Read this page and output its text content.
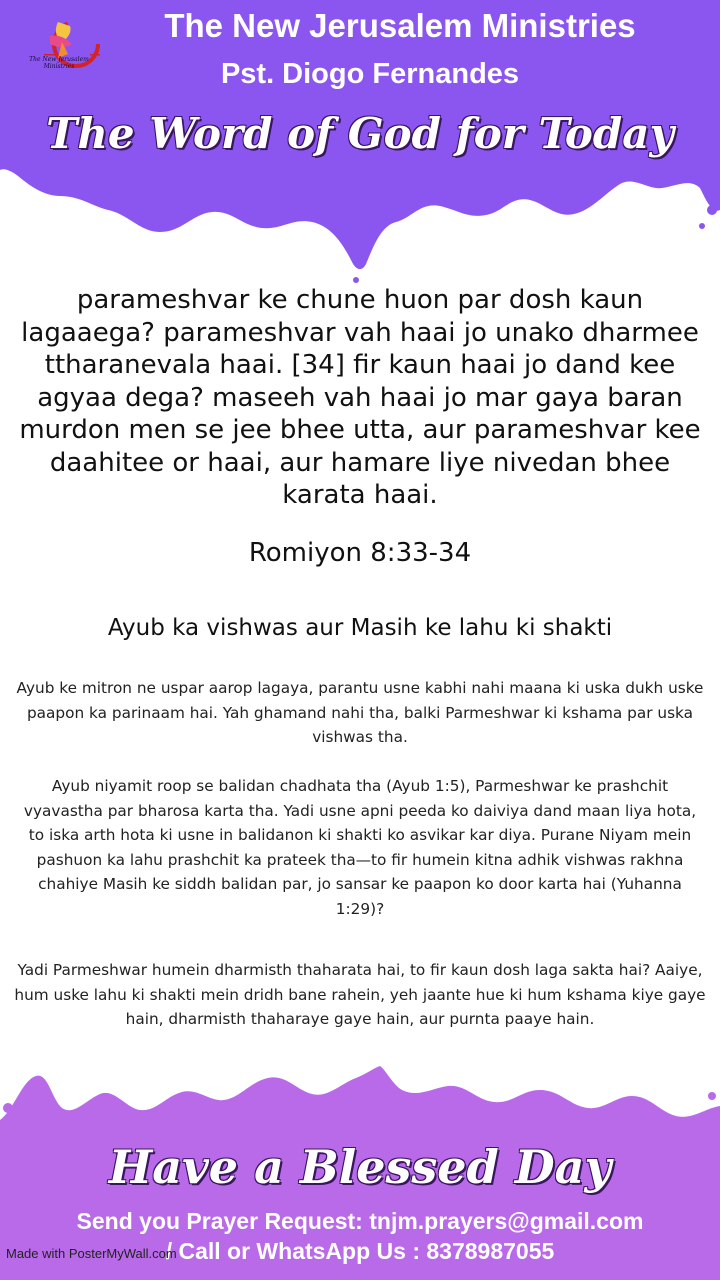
The New Jerusalem
Ministries
The New Jerusalem Ministries
Pst. Diogo Fernandes
The Word of God for Today
parameshvar ke chune huon par dosh kaun lagaaega? parameshvar vah haai jo unako dharmee ttharanevala haai. [34] fir kaun haai jo dand kee agyaa dega? maseeh vah haai jo mar gaya baran murdon men se jee bhee utta, aur parameshvar kee daahitee or haai, aur hamare liye nivedan bhee karata haai.
Romiyon 8:33-34
Ayub ka vishwas aur Masih ke lahu ki shakti
Ayub ke mitron ne uspar aarop lagaya, parantu usne kabhi nahi maana ki uska dukh uske paapon ka parinaam hai. Yah ghamand nahi tha, balki Parmeshwar ki kshama par uska vishwas tha.
Ayub niyamit roop se balidan chadhata tha (Ayub 1:5), Parmeshwar ke prashchit vyavastha par bharosa karta tha. Yadi usne apni peeda ko daiviya dand maan liya hota, to iska arth hota ki usne in balidanon ki shakti ko asvikar kar diya. Purane Niyam mein pashuon ka lahu prashchit ka prateek tha—to fir humein kitna adhik vishwas rakhna chahiye Masih ke siddh balidan par, jo sansar ke paapon ko door karta hai (Yuhanna 1:29)?
Yadi Parmeshwar humein dharmisth thaharata hai, to fir kaun dosh laga sakta hai? Aaiye, hum uske lahu ki shakti mein dridh bane rahein, yeh jaante hue ki hum kshama kiye gaye hain, dharmisth thaharaye gaye hain, aur purnta paaye hain.
Have a Blessed Day
Send you Prayer Request: tnjm.prayers@gmail.com
/ Call or WhatsApp Us : 8378987055
Made with PosterMyWall.com
